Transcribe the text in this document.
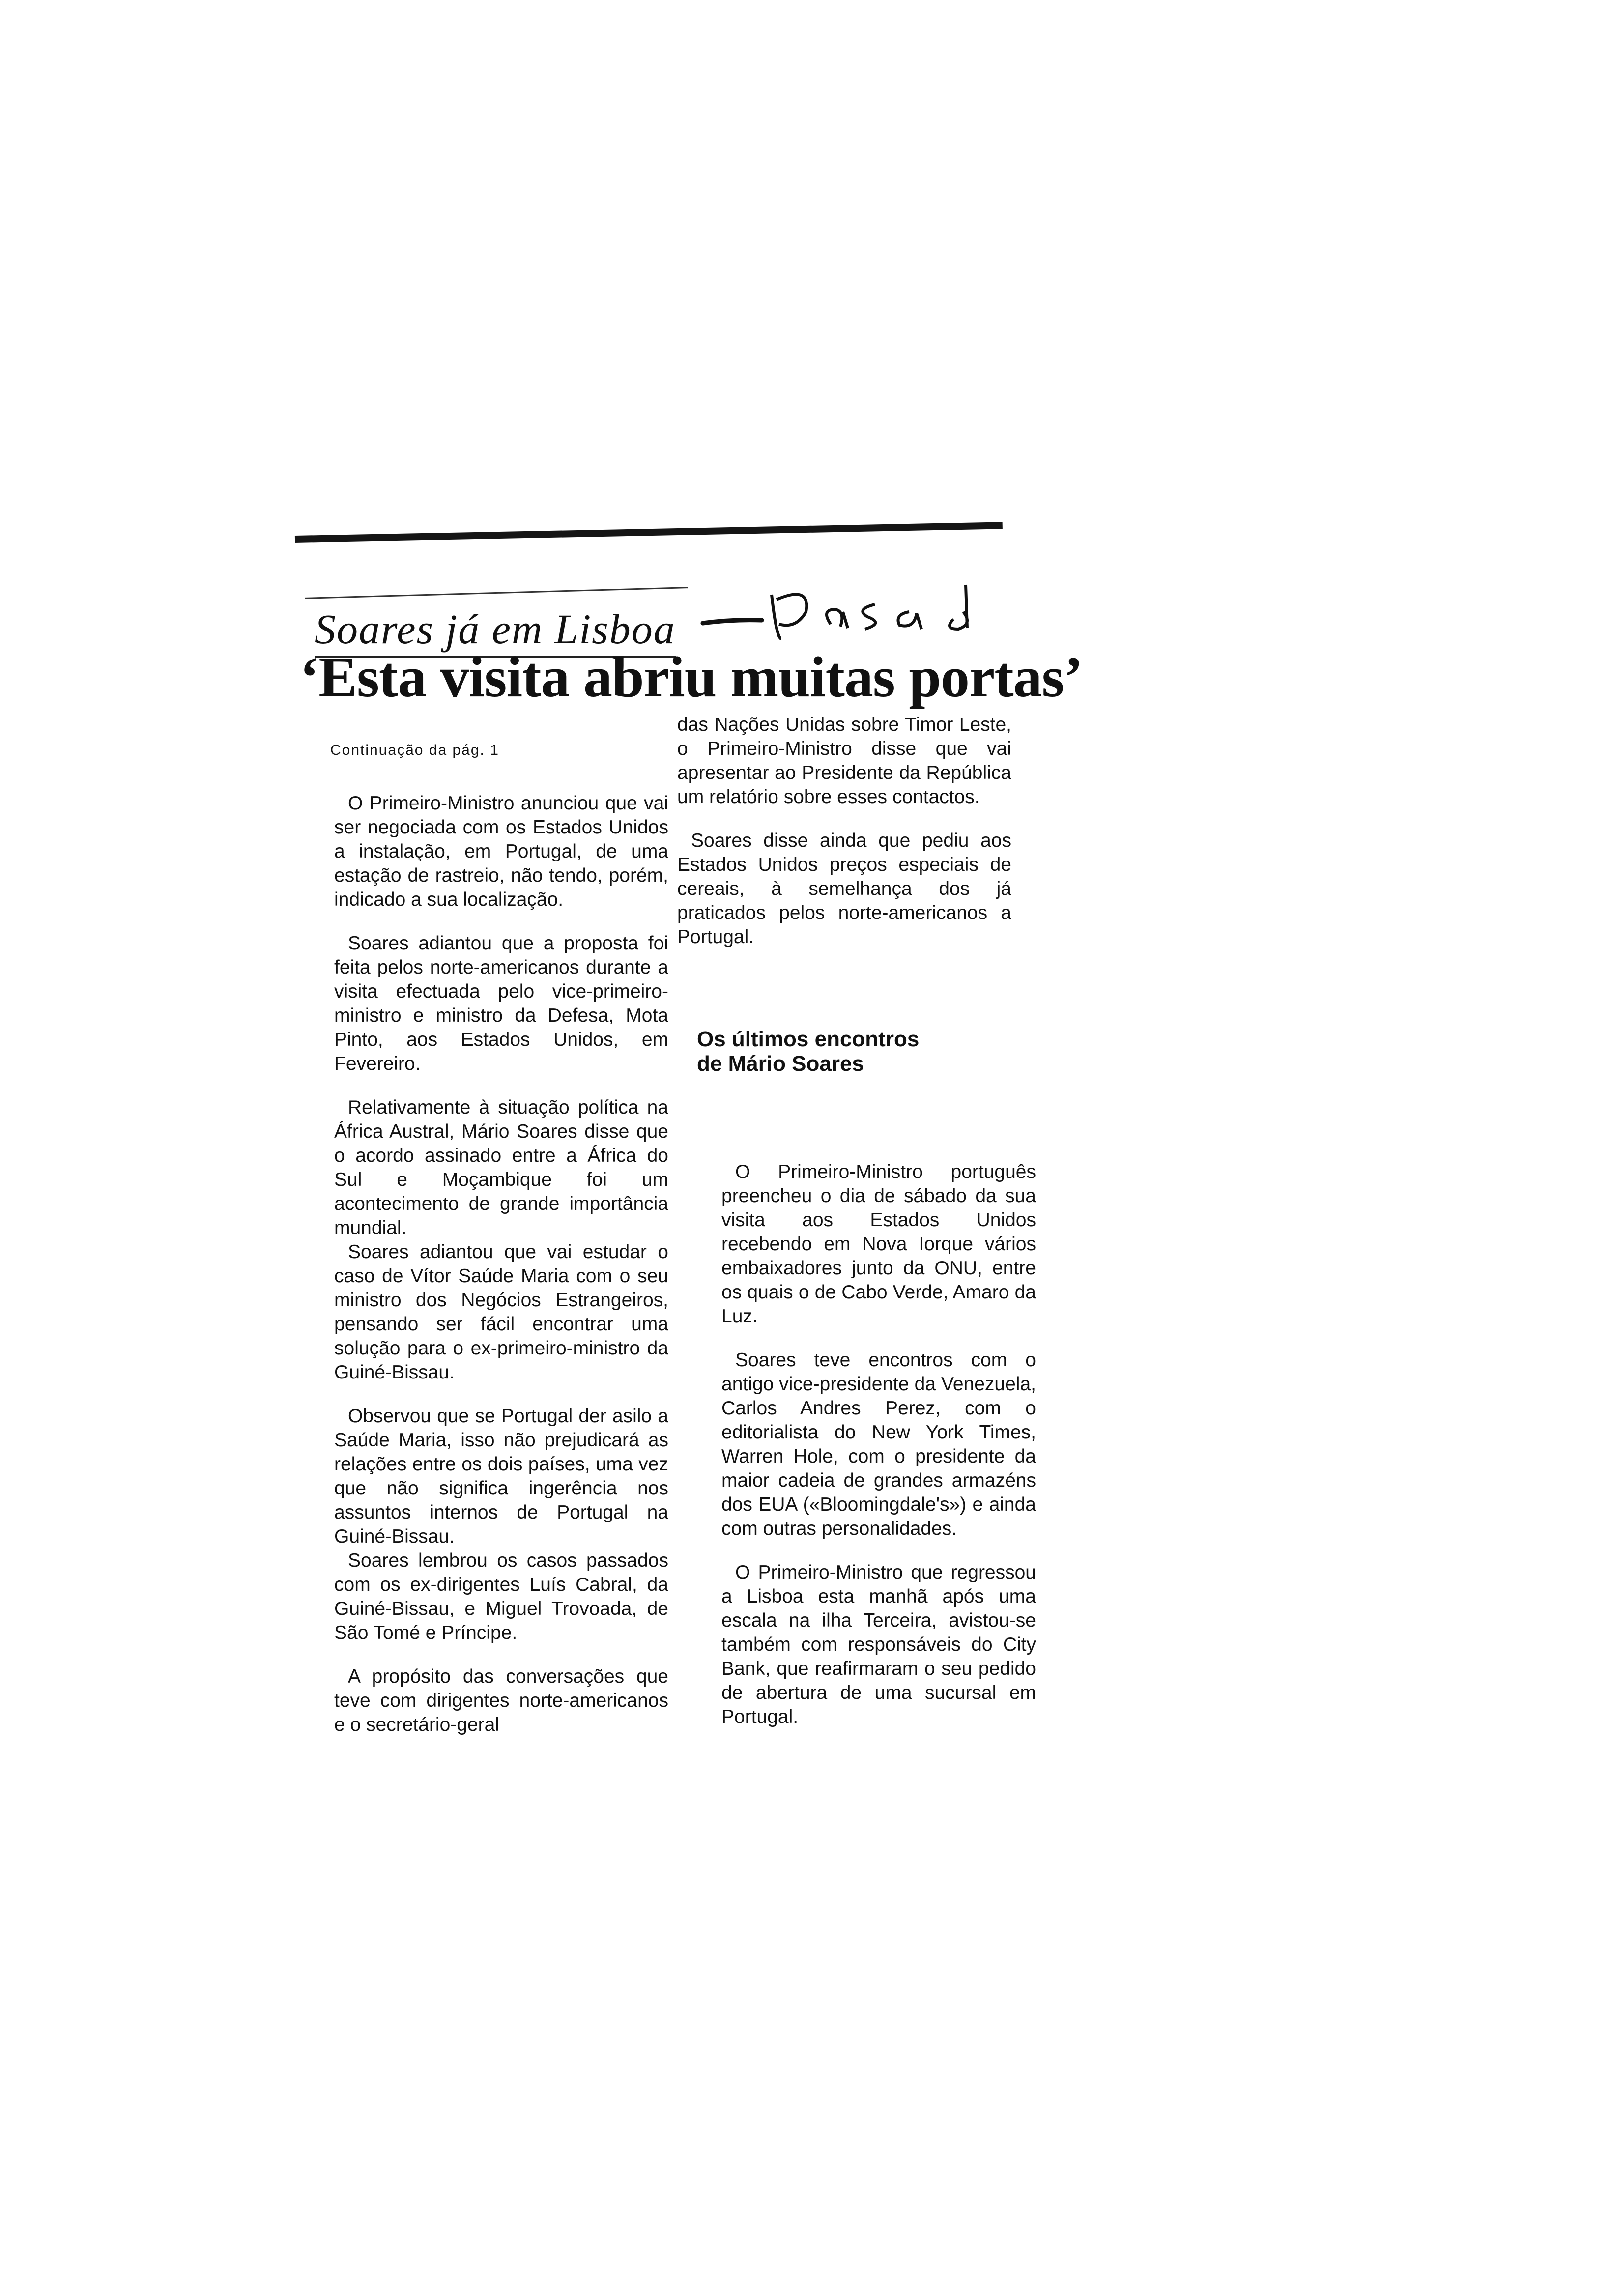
Soares já em Lisboa
‘Esta visita abriu muitas portas’
Continuação da pág. 1

O Primeiro-Ministro anunciou que vai ser negociada com os Estados Unidos a instalação, em Portugal, de uma estação de rastreio, não tendo, porém, indicado a sua localização.

Soares adiantou que a proposta foi feita pelos norte-americanos durante a visita efectuada pelo vice-primeiro-ministro e ministro da Defesa, Mota Pinto, aos Estados Unidos, em Fevereiro.

Relativamente à situação política na África Austral, Mário Soares disse que o acordo assinado entre a África do Sul e Moçambique foi um acontecimento de grande importância mundial.

Soares adiantou que vai estudar o caso de Vítor Saúde Maria com o seu ministro dos Negócios Estrangeiros, pensando ser fácil encontrar uma solução para o ex-primeiro-ministro da Guiné-Bissau.

Observou que se Portugal der asilo a Saúde Maria, isso não prejudicará as relações entre os dois países, uma vez que não significa ingerência nos assuntos internos de Portugal na Guiné-Bissau.

Soares lembrou os casos passados com os ex-dirigentes Luís Cabral, da Guiné-Bissau, e Miguel Trovoada, de São Tomé e Príncipe.

A propósito das conversações que teve com dirigentes norte-americanos e o secretário-geral

das Nações Unidas sobre Timor Leste, o Primeiro-Ministro disse que vai apresentar ao Presidente da República um relatório sobre esses contactos.

Soares disse ainda que pediu aos Estados Unidos preços especiais de cereais, à semelhança dos já praticados pelos norte-americanos a Portugal.

Os últimos encontros
de Mário Soares

O Primeiro-Ministro português preencheu o dia de sábado da sua visita aos Estados Unidos recebendo em Nova Iorque vários embaixadores junto da ONU, entre os quais o de Cabo Verde, Amaro da Luz.

Soares teve encontros com o antigo vice-presidente da Venezuela, Carlos Andres Perez, com o editorialista do New York Times, Warren Hole, com o presidente da maior cadeia de grandes armazéns dos EUA («Bloomingdale's») e ainda com outras personalidades.

O Primeiro-Ministro que regressou a Lisboa esta manhã após uma escala na ilha Terceira, avistou-se também com responsáveis do City Bank, que reafirmaram o seu pedido de abertura de uma sucursal em Portugal.
